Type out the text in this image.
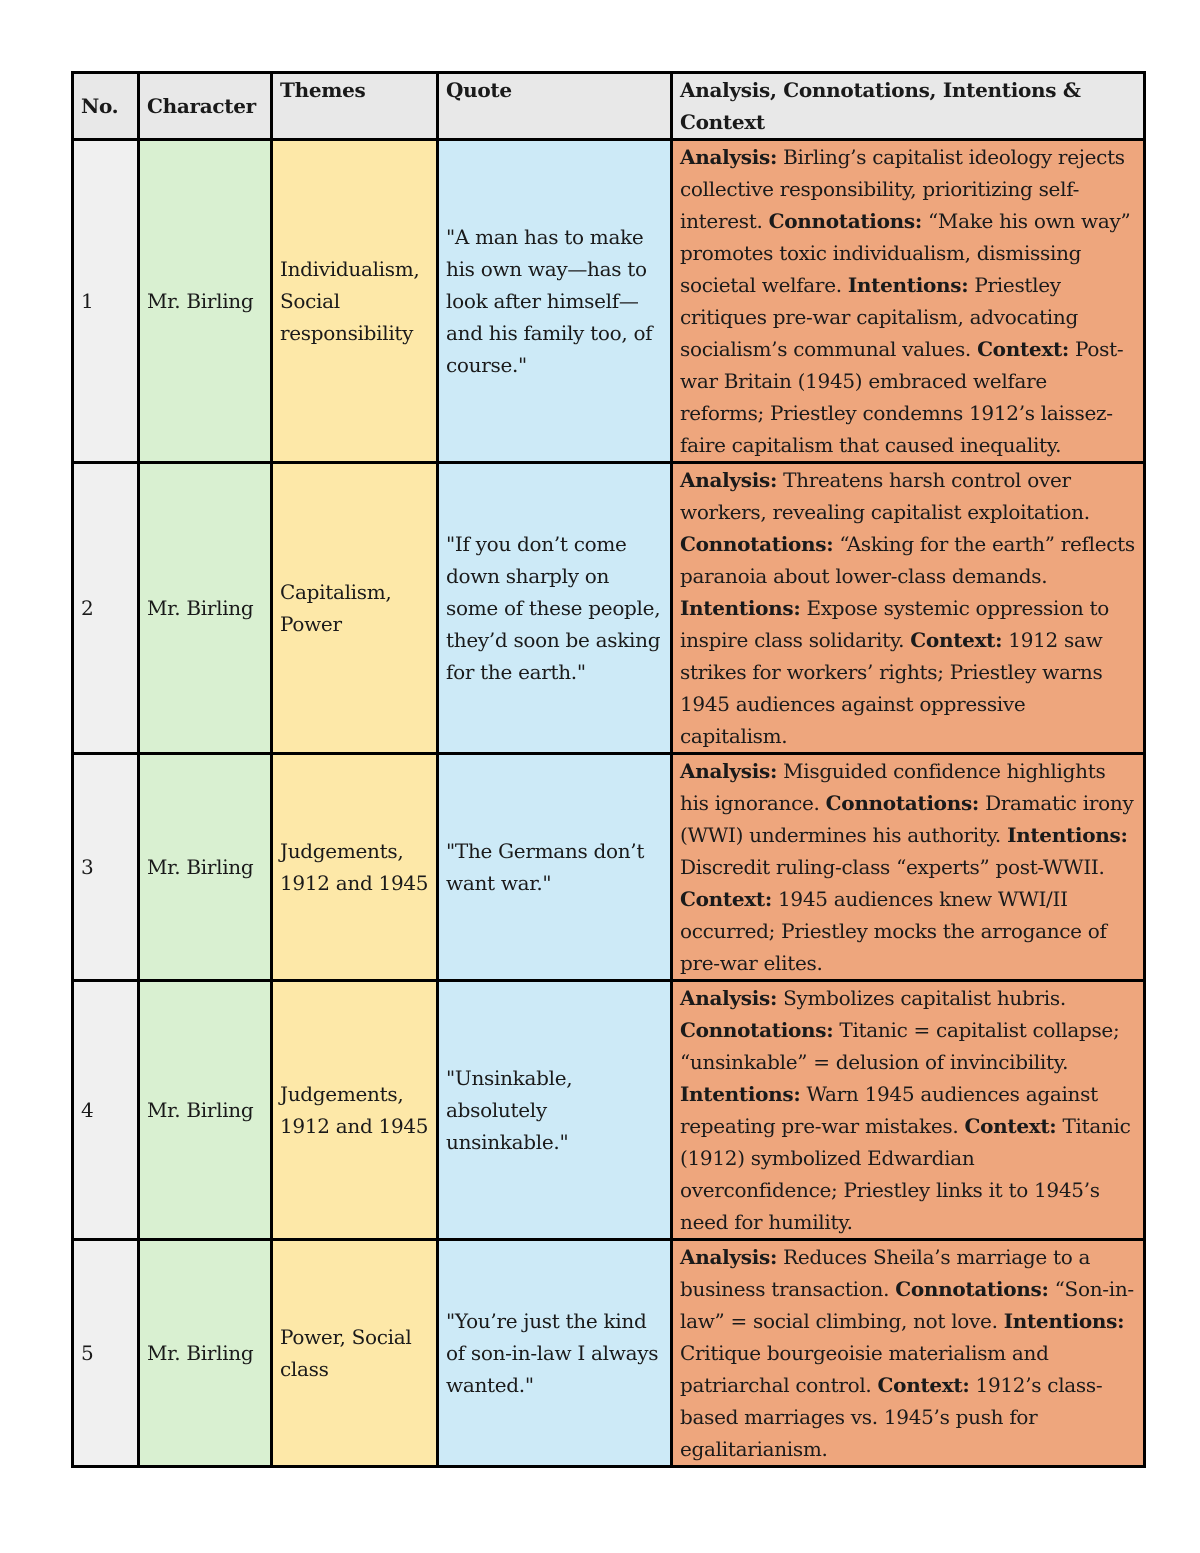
No.	Character	Themes	Quote	Analysis, Connotations, Intentions & Context
1	Mr. Birling	Individualism, Social responsibility	"A man has to make his own way—has to look after himself—and his family too, of course."	Analysis: Birling’s capitalist ideology rejects collective responsibility, prioritizing self-interest. Connotations: “Make his own way” promotes toxic individualism, dismissing societal welfare. Intentions: Priestley critiques pre-war capitalism, advocating socialism’s communal values. Context: Post-war Britain (1945) embraced welfare reforms; Priestley condemns 1912’s laissez-faire capitalism that caused inequality.
2	Mr. Birling	Capitalism, Power	"If you don’t come down sharply on some of these people, they’d soon be asking for the earth."	Analysis: Threatens harsh control over workers, revealing capitalist exploitation. Connotations: “Asking for the earth” reflects paranoia about lower-class demands. Intentions: Expose systemic oppression to inspire class solidarity. Context: 1912 saw strikes for workers’ rights; Priestley warns 1945 audiences against oppressive capitalism.
3	Mr. Birling	Judgements, 1912 and 1945	"The Germans don’t want war."	Analysis: Misguided confidence highlights his ignorance. Connotations: Dramatic irony (WWI) undermines his authority. Intentions: Discredit ruling-class “experts” post-WWII. Context: 1945 audiences knew WWI/II occurred; Priestley mocks the arrogance of pre-war elites.
4	Mr. Birling	Judgements, 1912 and 1945	"Unsinkable, absolutely unsinkable."	Analysis: Symbolizes capitalist hubris. Connotations: Titanic = capitalist collapse; “unsinkable” = delusion of invincibility. Intentions: Warn 1945 audiences against repeating pre-war mistakes. Context: Titanic (1912) symbolized Edwardian overconfidence; Priestley links it to 1945’s need for humility.
5	Mr. Birling	Power, Social class	"You’re just the kind of son-in-law I always wanted."	Analysis: Reduces Sheila’s marriage to a business transaction. Connotations: “Son-in-law” = social climbing, not love. Intentions: Critique bourgeoisie materialism and patriarchal control. Context: 1912’s class-based marriages vs. 1945’s push for egalitarianism.
